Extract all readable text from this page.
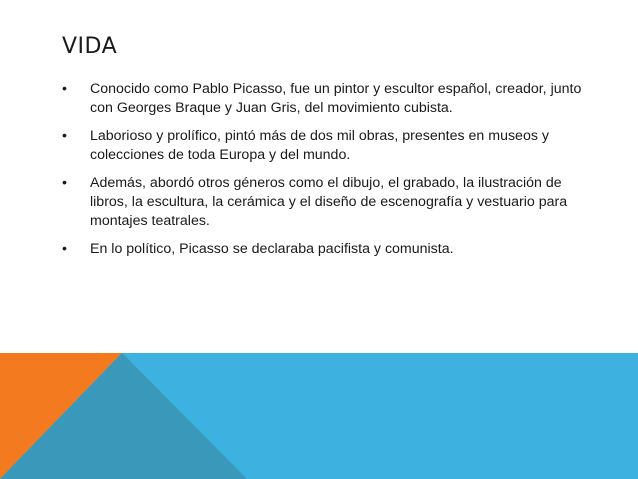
VIDA
•	Conocido como Pablo Picasso, fue un pintor y escultor español, creador, junto con Georges Braque y Juan Gris, del movimiento cubista.
•	Laborioso y prolífico, pintó más de dos mil obras, presentes en museos y colecciones de toda Europa y del mundo.
•	Además, abordó otros géneros como el dibujo, el grabado, la ilustración de libros, la escultura, la cerámica y el diseño de escenografía y vestuario para montajes teatrales.
•	En lo político, Picasso se declaraba pacifista y comunista.
